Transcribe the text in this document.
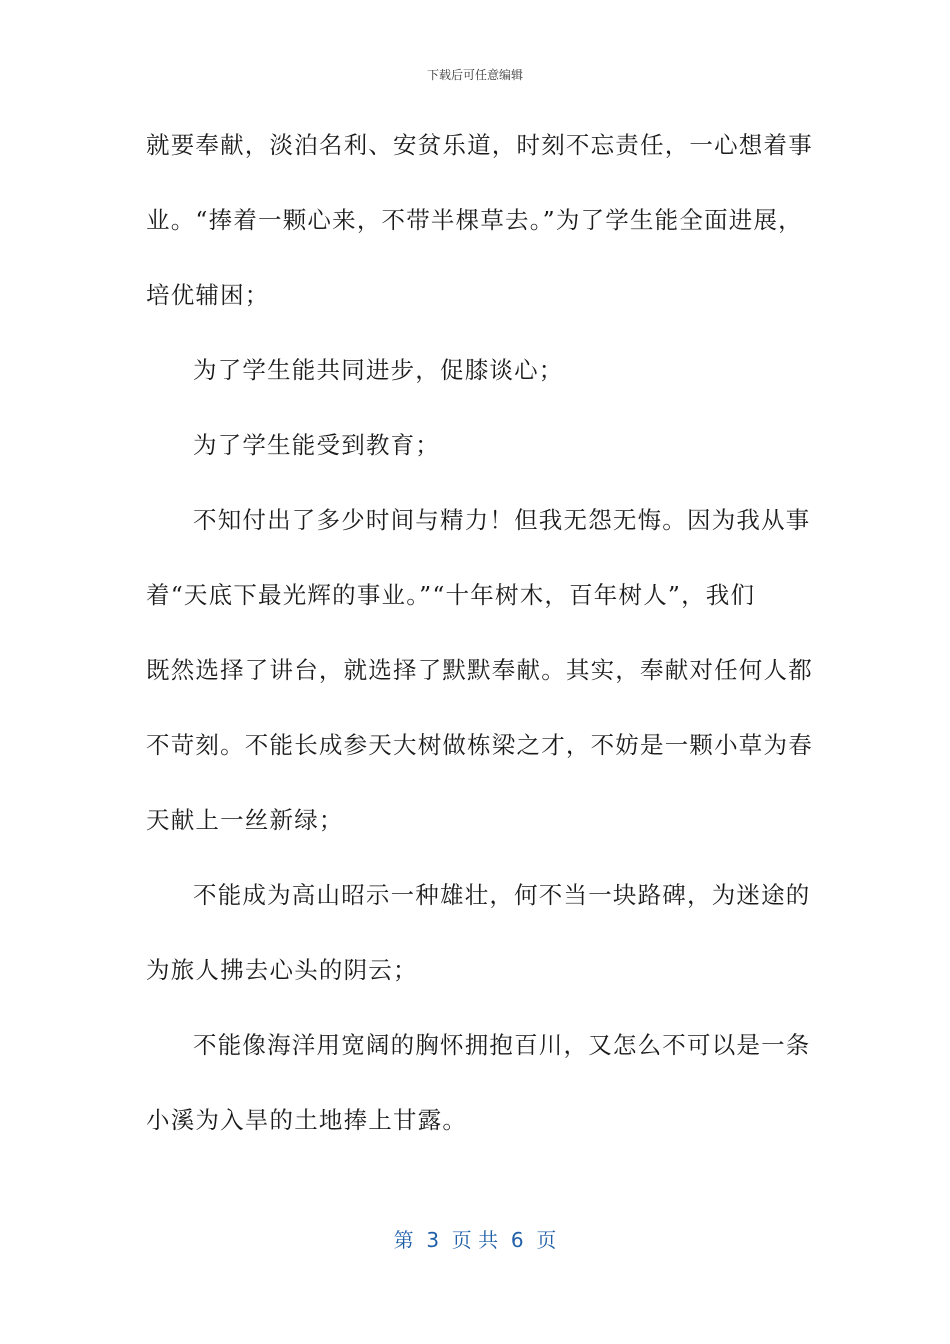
下载后可任意编辑
就要奉献，淡泊名利、安贫乐道，时刻不忘责任，一心想着事
业。“捧着一颗心来，不带半棵草去。”为了学生能全面进展，
培优辅困；
为了学生能共同进步，促膝谈心；
为了学生能受到教育；
不知付出了多少时间与精力！但我无怨无悔。因为我从事
着“天底下最光辉的事业。”“十年树木，百年树人”，我们
既然选择了讲台，就选择了默默奉献。其实，奉献对任何人都
不苛刻。不能长成参天大树做栋梁之才，不妨是一颗小草为春
天献上一丝新绿；
不能成为高山昭示一种雄壮，何不当一块路碑，为迷途的
为旅人拂去心头的阴云；
不能像海洋用宽阔的胸怀拥抱百川，又怎么不可以是一条
小溪为入旱的土地捧上甘露。
第  3  页 共  6  页
